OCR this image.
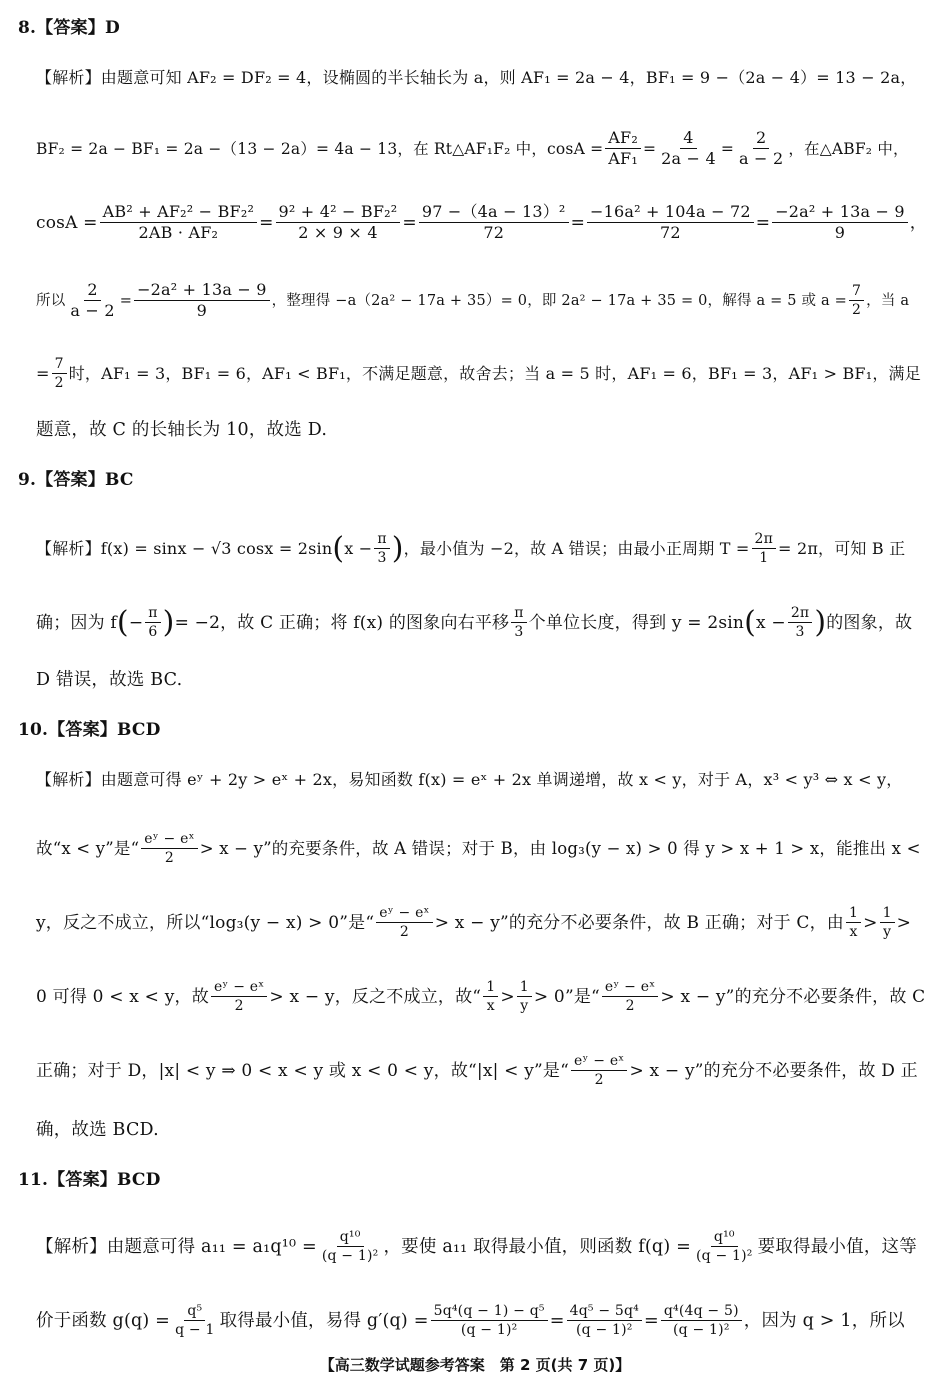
8.【答案】D
【解析】由题意可知 AF₂ = DF₂ = 4，设椭圆的半长轴长为 a，则 AF₁ = 2a − 4，BF₁ = 9 −（2a − 4）= 13 − 2a，
BF₂ = 2a − BF₁ = 2a −（13 − 2a）= 4a − 13，在 Rt△AF₁F₂ 中，$\cos A = \frac{\text{AF₂}}{\text{AF₁}} = \frac{4}{2a - 4} = \frac{2}{a - 2}$ ，在△ABF₂ 中，
$\cos A = \frac{\text{AB² + AF₂² − BF₂²}}{\text{2AB · AF₂}} = \frac{\text{9² + 4² − BF₂²}}{2 \times 9 \times 4} = \frac{\text{97 −（4a − 13）²}}{72} = \frac{\text{−16a² + 104a − 72}}{72} = \frac{\text{−2a² + 13a − 9}}{9}$ ，
所以 $\frac{2}{a - 2} = \frac{\text{−2a² + 13a − 9}}{9}$ ，整理得 −a（2a² − 17a + 35）= 0，即 2a² − 17a + 35 = 0，解得 a = 5 或 $a = \frac{7}{2}$ ，当 a
= $\frac{7}{2}$ 时，AF₁ = 3，BF₁ = 6，AF₁ < BF₁，不满足题意，故舍去；当 a = 5 时，AF₁ = 6，BF₁ = 3，AF₁ > BF₁，满足
题意，故 C 的长轴长为 10，故选 D.
9.【答案】BC
【解析】f(x) = sinx − √3 cosx = 2sin ( $x - \frac{\pi}{3}$ ) ，最小值为 −2，故 A 错误；由最小正周期 $T = \frac{2\pi}{1} = 2\pi$，可知 B 正
确；因为 f ( − $\frac{\pi}{6}$ ) = −2，故 C 正确；将 f(x) 的图象向右平移 $\frac{\pi}{3}$ 个单位长度，得到 y = 2sin ( $x - \frac{2\pi}{3}$ ) 的图象，故
D 错误，故选 BC.
10.【答案】BCD
【解析】由题意可得 eʸ + 2y > eˣ + 2x，易知函数 f(x) = eˣ + 2x 单调递增，故 x < y，对于 A，x³ < y³ ⇔ x < y，
故“x < y”是“ $\frac{\text{eʸ − eˣ}}{2} > x - y$”的充要条件，故 A 错误；对于 B，由 log₃(y − x) > 0 得 y > x + 1 > x，能推出 x <
y，反之不成立，所以“log₃(y − x) > 0”是“ $\frac{\text{eʸ − eˣ}}{2} > x - y$”的充分不必要条件，故 B 正确；对于 C，由 $\frac{1}{x} > \frac{1}{y}$ >
0 可得 0 < x < y，故 $\frac{\text{eʸ − eˣ}}{2} > x - y$，反之不成立，故“ $\frac{1}{x} > \frac{1}{y} > 0$”是“ $\frac{\text{eʸ − eˣ}}{2} > x - y$”的充分不必要条件，故 C
正确；对于 D，|x| < y ⇒ 0 < x < y 或 x < 0 < y，故“|x| < y”是“ $\frac{\text{eʸ − eˣ}}{2} > x - y$”的充分不必要条件，故 D 正
确，故选 BCD.
11.【答案】BCD
【解析】由题意可得 $a_{11} = a_1q^{10} = \frac{\text{q¹⁰}}{\text{(q − 1)²}}$ ，要使 a₁₁ 取得最小值，则函数 $f(q) = \frac{\text{q¹⁰}}{\text{(q − 1)²}}$ 要取得最小值，这等
价于函数 $g(q) = \frac{\text{q⁵}}{q - 1}$ 取得最小值，易得 $g'(q) = \frac{\text{5q⁴(q − 1) − q⁵}}{\text{(q − 1)²}} = \frac{\text{4q⁵ − 5q⁴}}{\text{(q − 1)²}} = \frac{\text{q⁴(4q − 5)}}{\text{(q − 1)²}}$ ，因为 q > 1，所以
【高三数学试题参考答案　第 2 页(共 7 页)】
